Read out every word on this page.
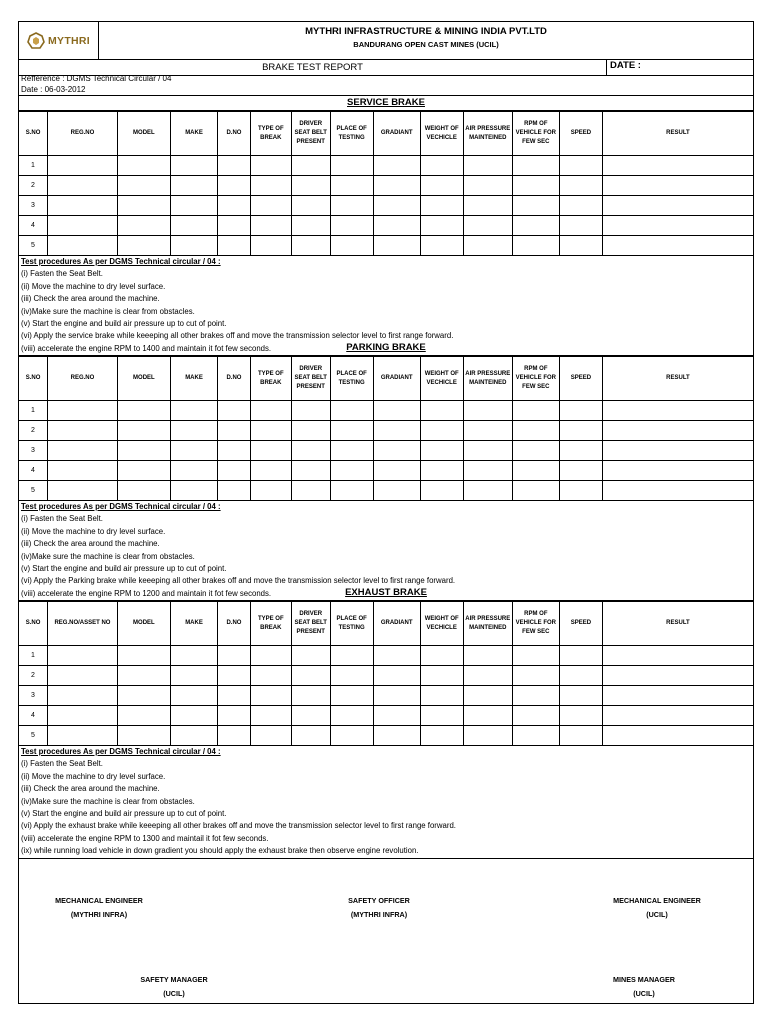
MYTHRI
MYTHRI INFRASTRUCTURE & MINING INDIA PVT.LTD
BANDURANG OPEN CAST MINES (UCIL)
BRAKE TEST REPORT	DATE :
Refference : DGMS Technical Circular / 04
Date : 06-03-2012
SERVICE BRAKE
S.NO	REG.NO	MODEL	MAKE	D.NO	TYPE OF BREAK	DRIVER SEAT BELT PRESENT	PLACE OF TESTING	GRADIANT	WEIGHT OF VECHICLE	AIR PRESSURE MAINTEINED	RPM OF VEHICLE FOR FEW SEC	SPEED	RESULT
1													
2													
3													
4													
5													
Test procedures As per DGMS Technical circular / 04 :
(i) Fasten the Seat Belt.
(ii) Move the machine to dry level surface.
(iii) Check the area around the machine.
(iv)Make sure the machine is clear from obstacles.
(v) Start the engine and build air pressure up to cut of point.
(vi) Apply the service brake while keeeping all other brakes off and move the transmission selector level to first range forward.
(viii) accelerate the engine RPM to 1400 and maintain it fot few seconds.	PARKING BRAKE
S.NO	REG.NO	MODEL	MAKE	D.NO	TYPE OF BREAK	DRIVER SEAT BELT PRESENT	PLACE OF TESTING	GRADIANT	WEIGHT OF VECHICLE	AIR PRESSURE MAINTEINED	RPM OF VEHICLE FOR FEW SEC	SPEED	RESULT
1													
2													
3													
4													
5													
Test procedures As per DGMS Technical circular / 04 :
(i) Fasten the Seat Belt.
(ii) Move the machine to dry level surface.
(iii) Check the area around the machine.
(iv)Make sure the machine is clear from obstacles.
(v) Start the engine and build air pressure up to cut of point.
(vi) Apply the Parking brake while keeeping all other brakes off and move the transmission selector level to first range forward.
(viii) accelerate the engine RPM to 1200 and maintain it fot few seconds.	EXHAUST BRAKE
S.NO	REG.NO/ASSET NO	MODEL	MAKE	D.NO	TYPE OF BREAK	DRIVER SEAT BELT PRESENT	PLACE OF TESTING	GRADIANT	WEIGHT OF VECHICLE	AIR PRESSURE MAINTEINED	RPM OF VEHICLE FOR FEW SEC	SPEED	RESULT
1													
2													
3													
4													
5													
Test procedures As per DGMS Technical circular / 04 :
(i) Fasten the Seat Belt.
(ii) Move the machine to dry level surface.
(iii) Check the area around the machine.
(iv)Make sure the machine is clear from obstacles.
(v) Start the engine and build air pressure up to cut of point.
(vi) Apply the exhaust brake while keeeping all other brakes off and move the transmission selector level to first range forward.
(viii) accelerate the engine RPM to 1300 and maintail it fot few seconds.
(ix) while running load vehicle in down gradient you should apply the exhaust brake then observe engine revolution.
MECHANICAL ENGINEER
(MYTHRI INFRA)
SAFETY OFFICER
(MYTHRI INFRA)
MECHANICAL ENGINEER
(UCIL)
SAFETY MANAGER
(UCIL)
MINES MANAGER
(UCIL)
